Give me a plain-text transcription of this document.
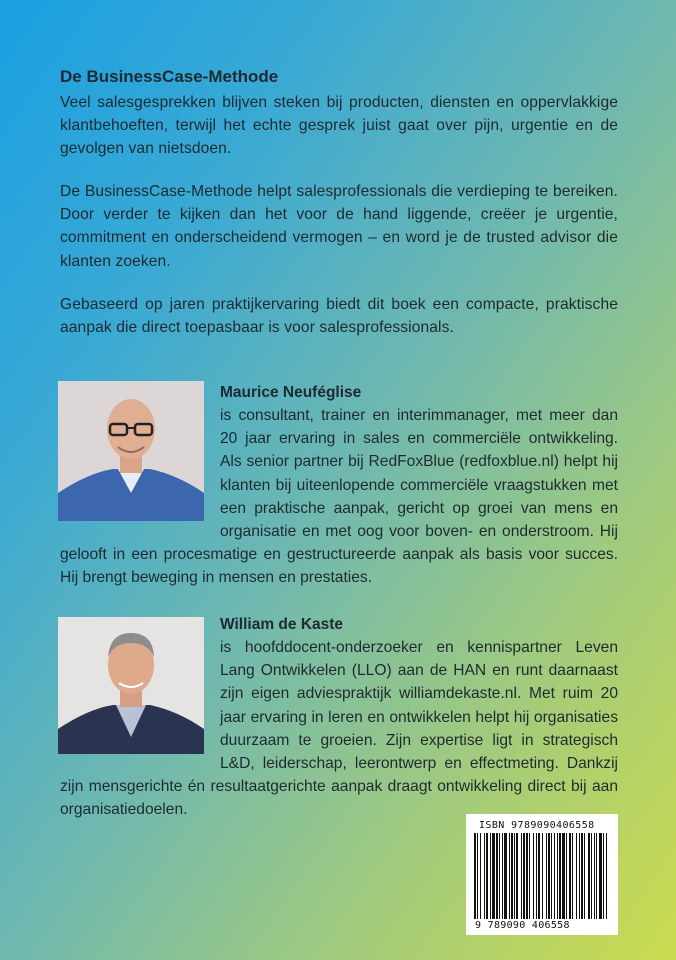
De BusinessCase-Methode

Veel salesgesprekken blijven steken bij producten, diensten en oppervlakkige klantbehoeften, terwijl het echte gesprek juist gaat over pijn, urgentie en de gevolgen van nietsdoen.

De BusinessCase-Methode helpt salesprofessionals die verdieping te bereiken. Door verder te kijken dan het voor de hand liggende, creëer je urgentie, commitment en onderscheidend vermogen – en word je de trusted advisor die klanten zoeken.

Gebaseerd op jaren praktijkervaring biedt dit boek een compacte, praktische aanpak die direct toepasbaar is voor salesprofessionals.

Maurice Neuféglise

is consultant, trainer en interimmanager, met meer dan 20 jaar ervaring in sales en commerciële ontwikkeling. Als senior partner bij RedFoxBlue (redfoxblue.nl) helpt hij klanten bij uiteenlopende commerciële vraagstukken met een praktische aanpak, gericht op groei van mens en organisatie en met oog voor boven- en onderstroom. Hij gelooft in een procesmatige en gestructureerde aanpak als basis voor succes. Hij brengt beweging in mensen en prestaties.

William de Kaste

is hoofddocent-onderzoeker en kennispartner Leven Lang Ontwikkelen (LLO) aan de HAN en runt daarnaast zijn eigen adviespraktijk williamdekaste.nl. Met ruim 20 jaar ervaring in leren en ontwikkelen helpt hij organisaties duurzaam te groeien. Zijn expertise ligt in strategisch L&D, leiderschap, leerontwerp en effectmeting. Dankzij zijn mensgerichte én resultaatgerichte aanpak draagt ontwikkeling direct bij aan organisatiedoelen.

ISBN 9789090406558
9 789090 406558
